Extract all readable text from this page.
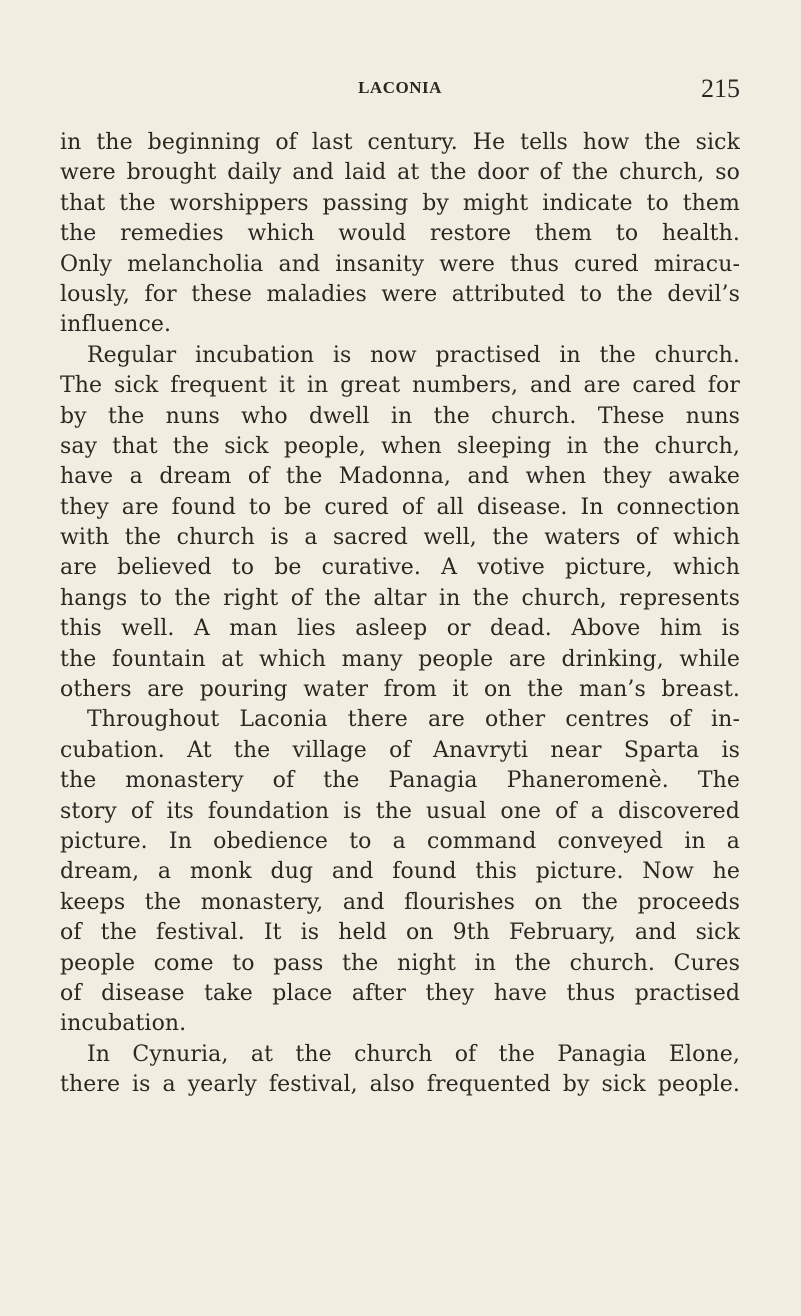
LACONIA	215
in the beginning of last century. He tells how the sick
were brought daily and laid at the door of the church, so
that the worshippers passing by might indicate to them
the remedies which would restore them to health.
Only melancholia and insanity were thus cured miracu-
lously, for these maladies were attributed to the devil’s
influence.
Regular incubation is now practised in the church.
The sick frequent it in great numbers, and are cared for
by the nuns who dwell in the church. These nuns
say that the sick people, when sleeping in the church,
have a dream of the Madonna, and when they awake
they are found to be cured of all disease. In connection
with the church is a sacred well, the waters of which
are believed to be curative. A votive picture, which
hangs to the right of the altar in the church, represents
this well. A man lies asleep or dead. Above him is
the fountain at which many people are drinking, while
others are pouring water from it on the man’s breast.
Throughout Laconia there are other centres of in-
cubation. At the village of Anavryti near Sparta is
the monastery of the Panagia Phaneromenè. The
story of its foundation is the usual one of a discovered
picture. In obedience to a command conveyed in a
dream, a monk dug and found this picture. Now he
keeps the monastery, and flourishes on the proceeds
of the festival. It is held on 9th February, and sick
people come to pass the night in the church. Cures
of disease take place after they have thus practised
incubation.
In Cynuria, at the church of the Panagia Elone,
there is a yearly festival, also frequented by sick people.
